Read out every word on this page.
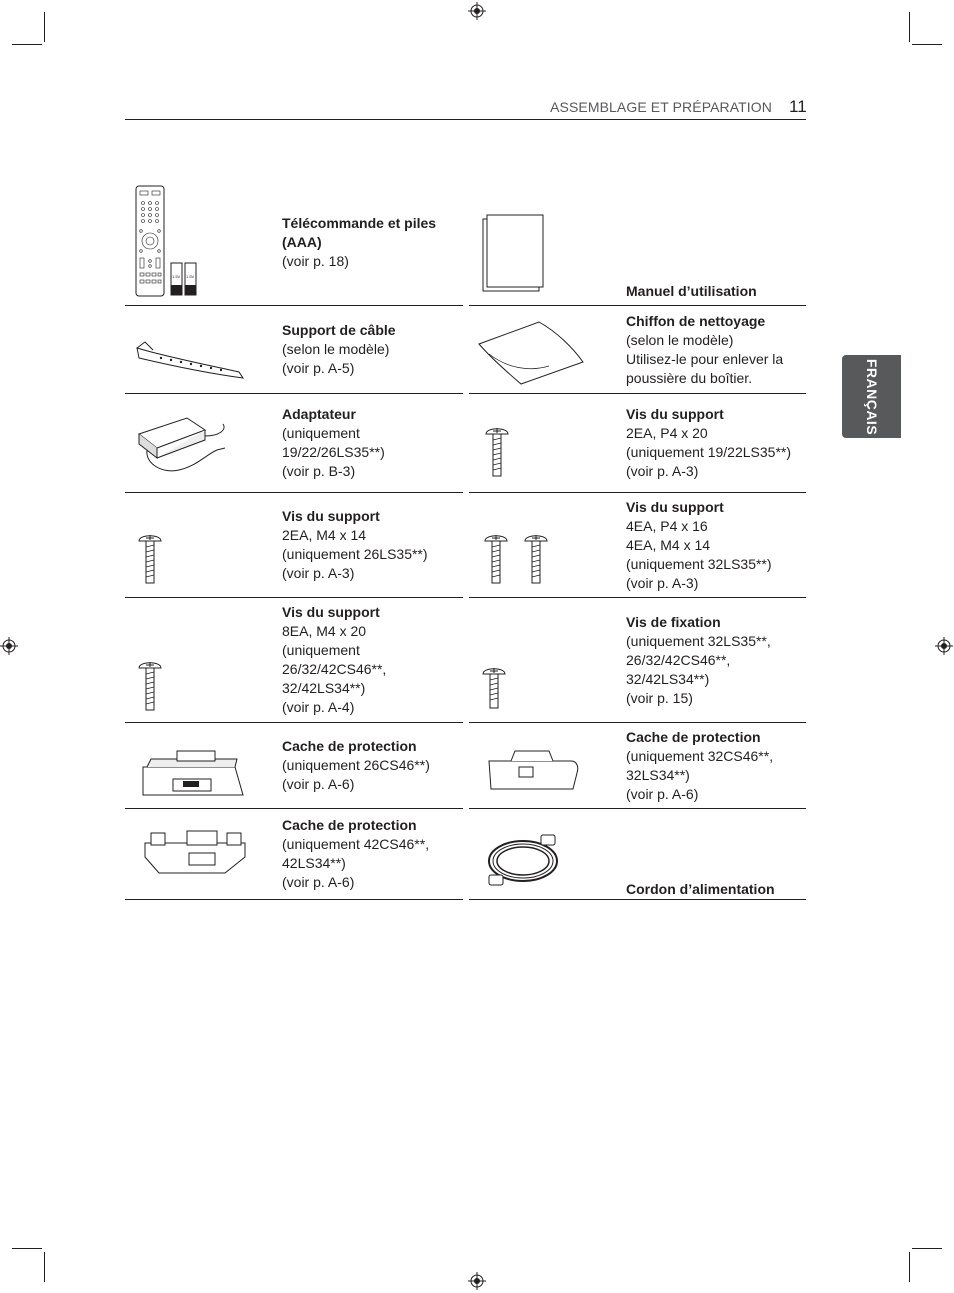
ASSEMBLAGE ET PRÉPARATION 11
FRANÇAIS
1.5V 1.5V
Télécommande et piles (AAA)
(voir p. 18)
Manuel d’utilisation
Support de câble
(selon le modèle)
(voir p. A-5)
Chiffon de nettoyage
(selon le modèle)
Utilisez-le pour enlever la poussière du boîtier.
Adaptateur
(uniquement 19/22/26LS35**)
(voir p. B-3)
Vis du support
2EA, P4 x 20
(uniquement 19/22LS35**)
(voir p. A-3)
Vis du support
2EA, M4 x 14
(uniquement 26LS35**)
(voir p. A-3)
Vis du support
4EA, P4 x 16
4EA, M4 x 14
(uniquement 32LS35**)
(voir p. A-3)
Vis du support
8EA, M4 x 20
(uniquement 26/32/42CS46**, 32/42LS34**)
(voir p. A-4)
Vis de fixation
(uniquement 32LS35**, 26/32/42CS46**, 32/42LS34**)
(voir p. 15)
Cache de protection
(uniquement 26CS46**)
(voir p. A-6)
Cache de protection
(uniquement 32CS46**, 32LS34**)
(voir p. A-6)
Cache de protection
(uniquement 42CS46**, 42LS34**)
(voir p. A-6)	Cordon d’alimentation
